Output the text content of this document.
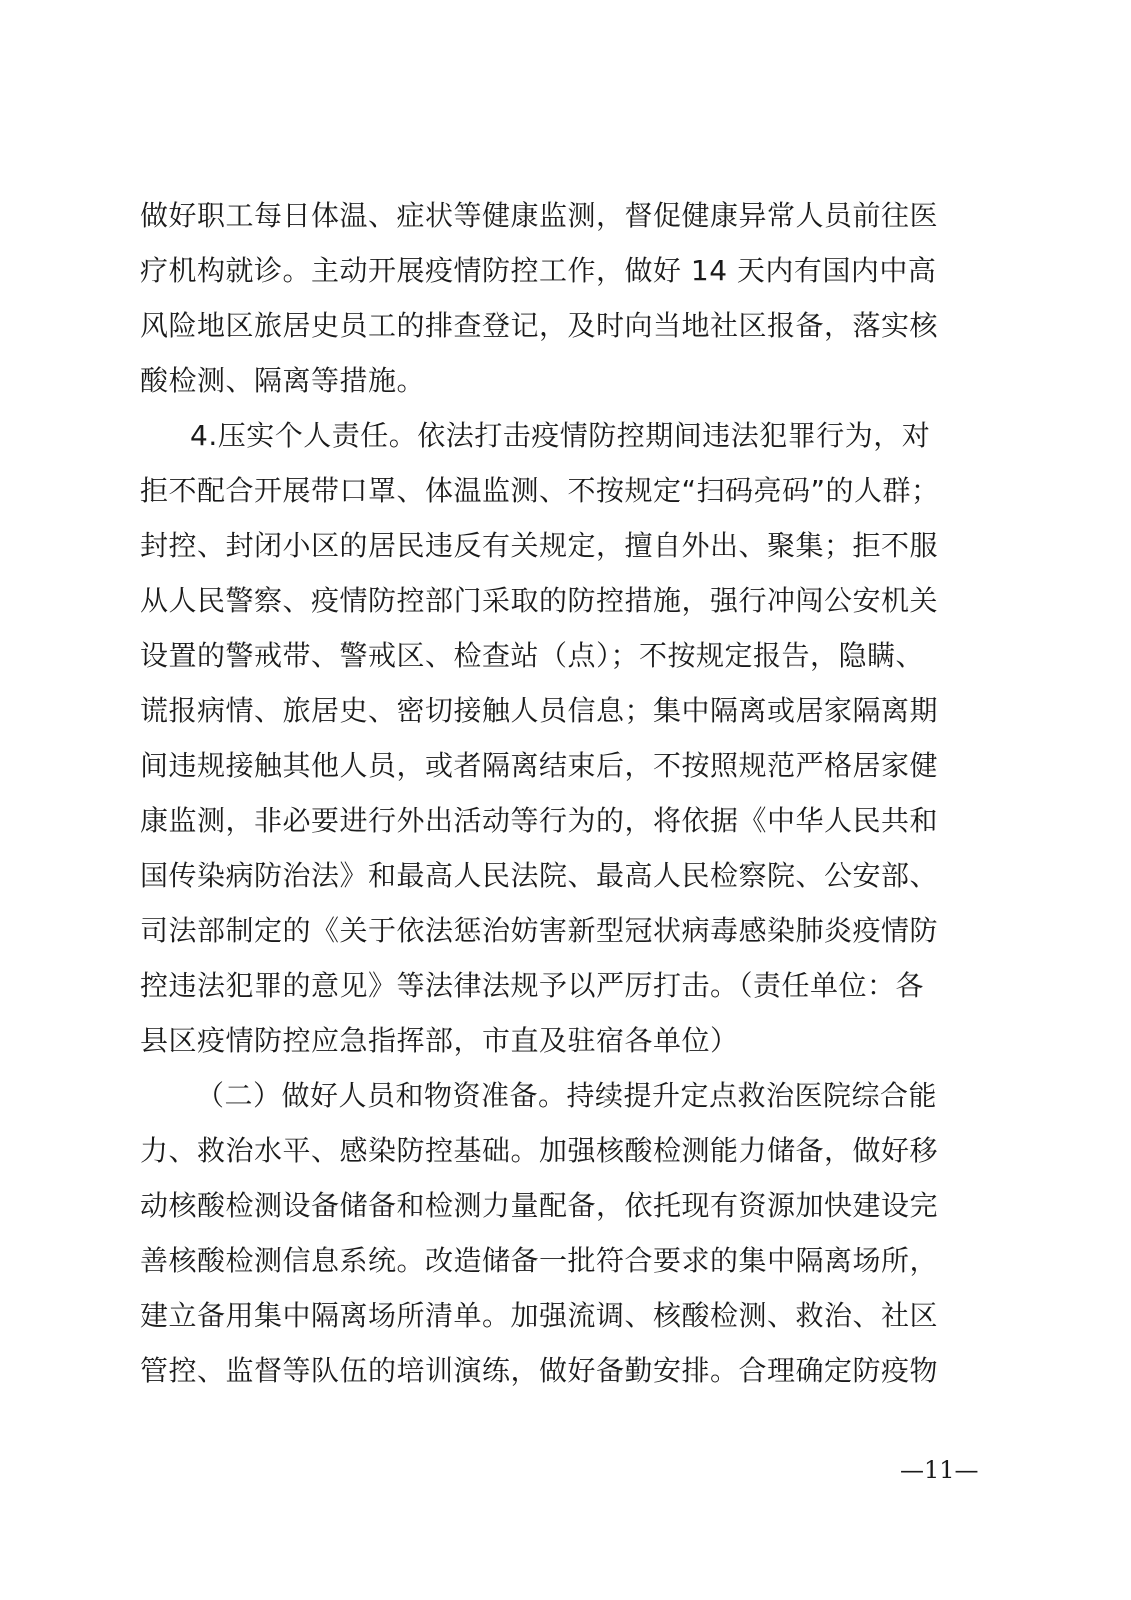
做好职工每日体温、症状等健康监测，督促健康异常人员前往医
疗机构就诊。主动开展疫情防控工作，做好 14 天内有国内中高
风险地区旅居史员工的排查登记，及时向当地社区报备，落实核
酸检测、隔离等措施。
4.压实个人责任。依法打击疫情防控期间违法犯罪行为，对
拒不配合开展带口罩、体温监测、不按规定“扫码亮码”的人群；
封控、封闭小区的居民违反有关规定，擅自外出、聚集；拒不服
从人民警察、疫情防控部门采取的防控措施，强行冲闯公安机关
设置的警戒带、警戒区、检查站（点）；不按规定报告，隐瞒、
谎报病情、旅居史、密切接触人员信息；集中隔离或居家隔离期
间违规接触其他人员，或者隔离结束后，不按照规范严格居家健
康监测，非必要进行外出活动等行为的，将依据《中华人民共和
国传染病防治法》和最高人民法院、最高人民检察院、公安部、
司法部制定的《关于依法惩治妨害新型冠状病毒感染肺炎疫情防
控违法犯罪的意见》等法律法规予以严厉打击。（责任单位：各
县区疫情防控应急指挥部，市直及驻宿各单位）
（二）做好人员和物资准备。持续提升定点救治医院综合能
力、救治水平、感染防控基础。加强核酸检测能力储备，做好移
动核酸检测设备储备和检测力量配备，依托现有资源加快建设完
善核酸检测信息系统。改造储备一批符合要求的集中隔离场所，
建立备用集中隔离场所清单。加强流调、核酸检测、救治、社区
管控、监督等队伍的培训演练，做好备勤安排。合理确定防疫物
—11—
